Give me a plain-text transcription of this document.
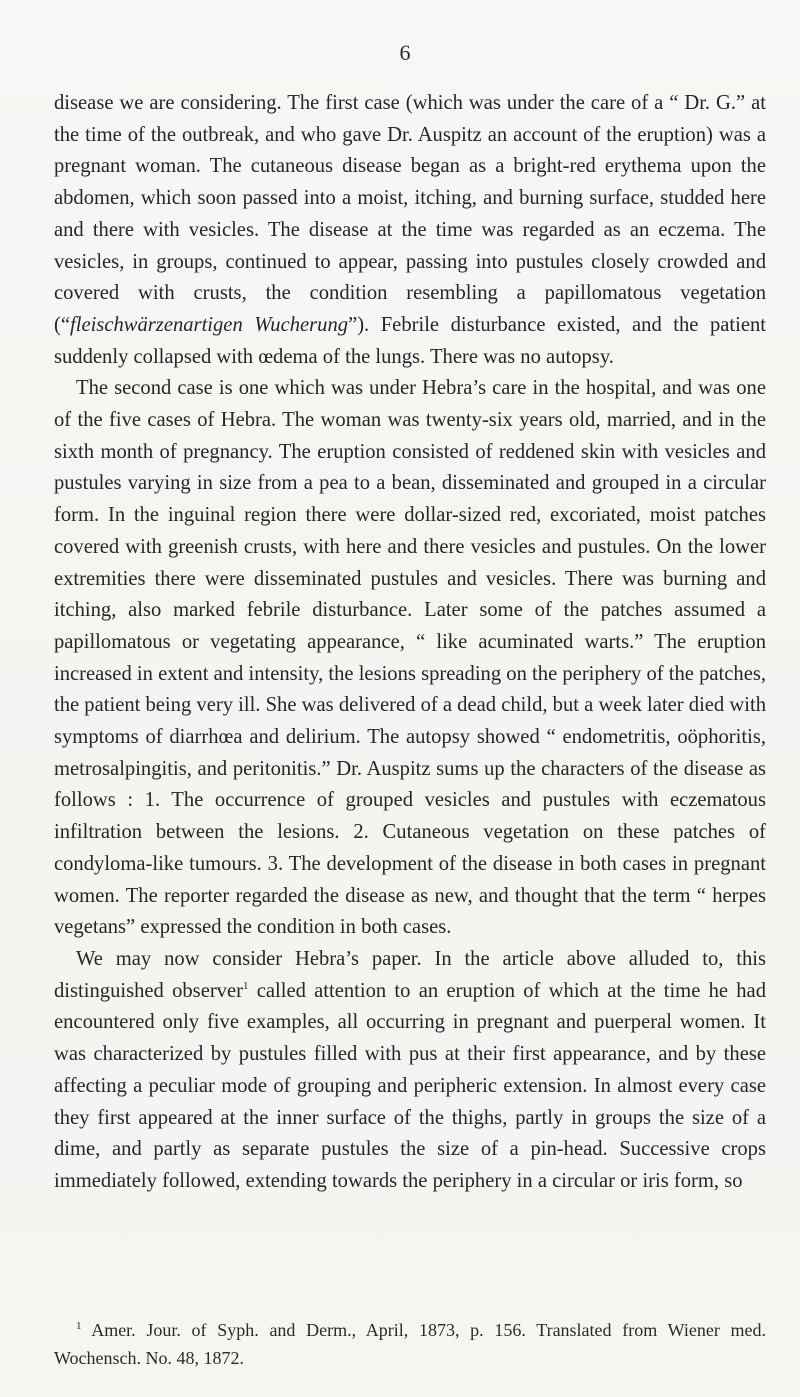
6

disease we are considering. The first case (which was under the care of a “ Dr. G.” at the time of the outbreak, and who gave Dr. Auspitz an account of the eruption) was a pregnant woman. The cutaneous disease began as a bright-red erythema upon the abdomen, which soon passed into a moist, itching, and burning surface, studded here and there with vesicles. The disease at the time was regarded as an eczema. The vesicles, in groups, continued to appear, passing into pustules closely crowded and covered with crusts, the condition resembling a papillomatous vegetation (“fleischwärzenartigen Wucherung”). Febrile disturbance existed, and the patient suddenly collapsed with œdema of the lungs. There was no autopsy.

The second case is one which was under Hebra’s care in the hospital, and was one of the five cases of Hebra. The woman was twenty-six years old, married, and in the sixth month of pregnancy. The eruption consisted of reddened skin with vesicles and pustules varying in size from a pea to a bean, disseminated and grouped in a circular form. In the inguinal region there were dollar-sized red, excoriated, moist patches covered with greenish crusts, with here and there vesicles and pustules. On the lower extremities there were disseminated pustules and vesicles. There was burning and itching, also marked febrile disturbance. Later some of the patches assumed a papillomatous or vegetating appearance, “ like acuminated warts.” The eruption increased in extent and intensity, the lesions spreading on the periphery of the patches, the patient being very ill. She was delivered of a dead child, but a week later died with symptoms of diarrhœa and delirium. The autopsy showed “ endometritis, oöphoritis, metrosalpingitis, and peritonitis.” Dr. Auspitz sums up the characters of the disease as follows : 1. The occurrence of grouped vesicles and pustules with eczematous infiltration between the lesions. 2. Cutaneous vegetation on these patches of condyloma-like tumours. 3. The development of the disease in both cases in pregnant women. The reporter regarded the disease as new, and thought that the term “ herpes vegetans” expressed the condition in both cases.

We may now consider Hebra’s paper. In the article above alluded to, this distinguished observer$^1$ called attention to an eruption of which at the time he had encountered only five examples, all occurring in pregnant and puerperal women. It was characterized by pustules filled with pus at their first appearance, and by these affecting a peculiar mode of grouping and peripheric extension. In almost every case they first appeared at the inner surface of the thighs, partly in groups the size of a dime, and partly as separate pustules the size of a pin-head. Successive crops immediately followed, extending towards the periphery in a circular or iris form, so

$^1$ Amer. Jour. of Syph. and Derm., April, 1873, p. 156. Translated from Wiener med. Wochensch. No. 48, 1872.
